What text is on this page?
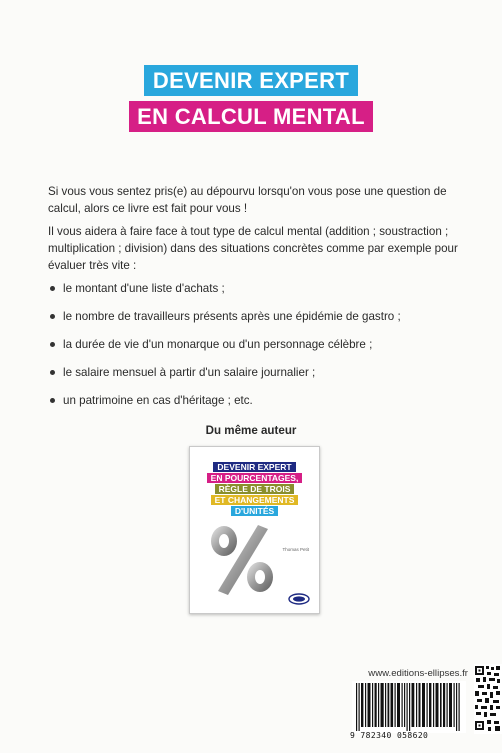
DEVENIR EXPERT
EN CALCUL MENTAL

Si vous vous sentez pris(e) au dépourvu lorsqu'on vous pose une question de calcul, alors ce livre est fait pour vous !

Il vous aidera à faire face à tout type de calcul mental (addition ; soustraction ; multiplication ; division) dans des situations concrètes comme par exemple pour évaluer très vite :

le montant d'une liste d'achats ;
le nombre de travailleurs présents après une épidémie de gastro ;
la durée de vie d'un monarque ou d'un personnage célèbre ;
le salaire mensuel à partir d'un salaire journalier ;
un patrimoine en cas d'héritage ; etc.
Du même auteur
DEVENIR EXPERT
EN POURCENTAGES,
RÈGLE DE TROIS
ET CHANGEMENTS
D'UNITÉS
Thomas Petit
www.editions-ellipses.fr
9 782340 058620
